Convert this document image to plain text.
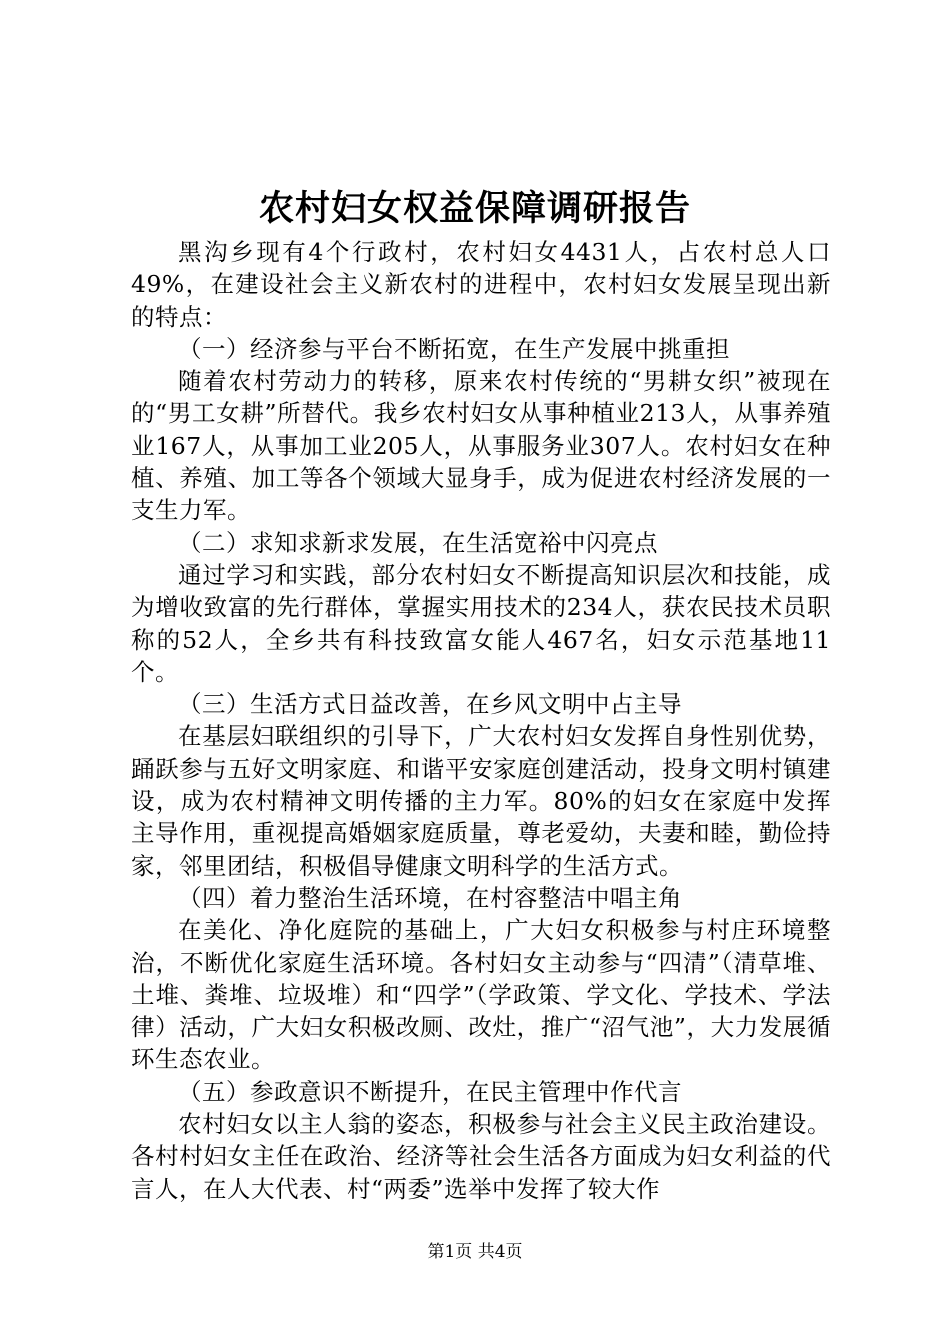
农村妇女权益保障调研报告

黑沟乡现有4个行政村，农村妇女4431人，占农村总人口49%，在建设社会主义新农村的进程中，农村妇女发展呈现出新的特点：

（一）经济参与平台不断拓宽，在生产发展中挑重担

随着农村劳动力的转移，原来农村传统的“男耕女织”被现在的“男工女耕”所替代。我乡农村妇女从事种植业213人，从事养殖业167人，从事加工业205人，从事服务业307人。农村妇女在种植、养殖、加工等各个领域大显身手，成为促进农村经济发展的一支生力军。

（二）求知求新求发展，在生活宽裕中闪亮点

通过学习和实践，部分农村妇女不断提高知识层次和技能，成为增收致富的先行群体，掌握实用技术的234人，获农民技术员职称的52人，全乡共有科技致富女能人467名，妇女示范基地11个。

（三）生活方式日益改善，在乡风文明中占主导

在基层妇联组织的引导下，广大农村妇女发挥自身性别优势，踊跃参与五好文明家庭、和谐平安家庭创建活动，投身文明村镇建设，成为农村精神文明传播的主力军。80%的妇女在家庭中发挥主导作用，重视提高婚姻家庭质量，尊老爱幼，夫妻和睦，勤俭持家，邻里团结，积极倡导健康文明科学的生活方式。

（四）着力整治生活环境，在村容整洁中唱主角

在美化、净化庭院的基础上，广大妇女积极参与村庄环境整治，不断优化家庭生活环境。各村妇女主动参与“四清”（清草堆、土堆、粪堆、垃圾堆）和“四学”（学政策、学文化、学技术、学法律）活动，广大妇女积极改厕、改灶，推广“沼气池”，大力发展循环生态农业。

（五）参政意识不断提升，在民主管理中作代言

农村妇女以主人翁的姿态，积极参与社会主义民主政治建设。各村村妇女主任在政治、经济等社会生活各方面成为妇女利益的代言人，在人大代表、村“两委”选举中发挥了较大作

第1页 共4页
